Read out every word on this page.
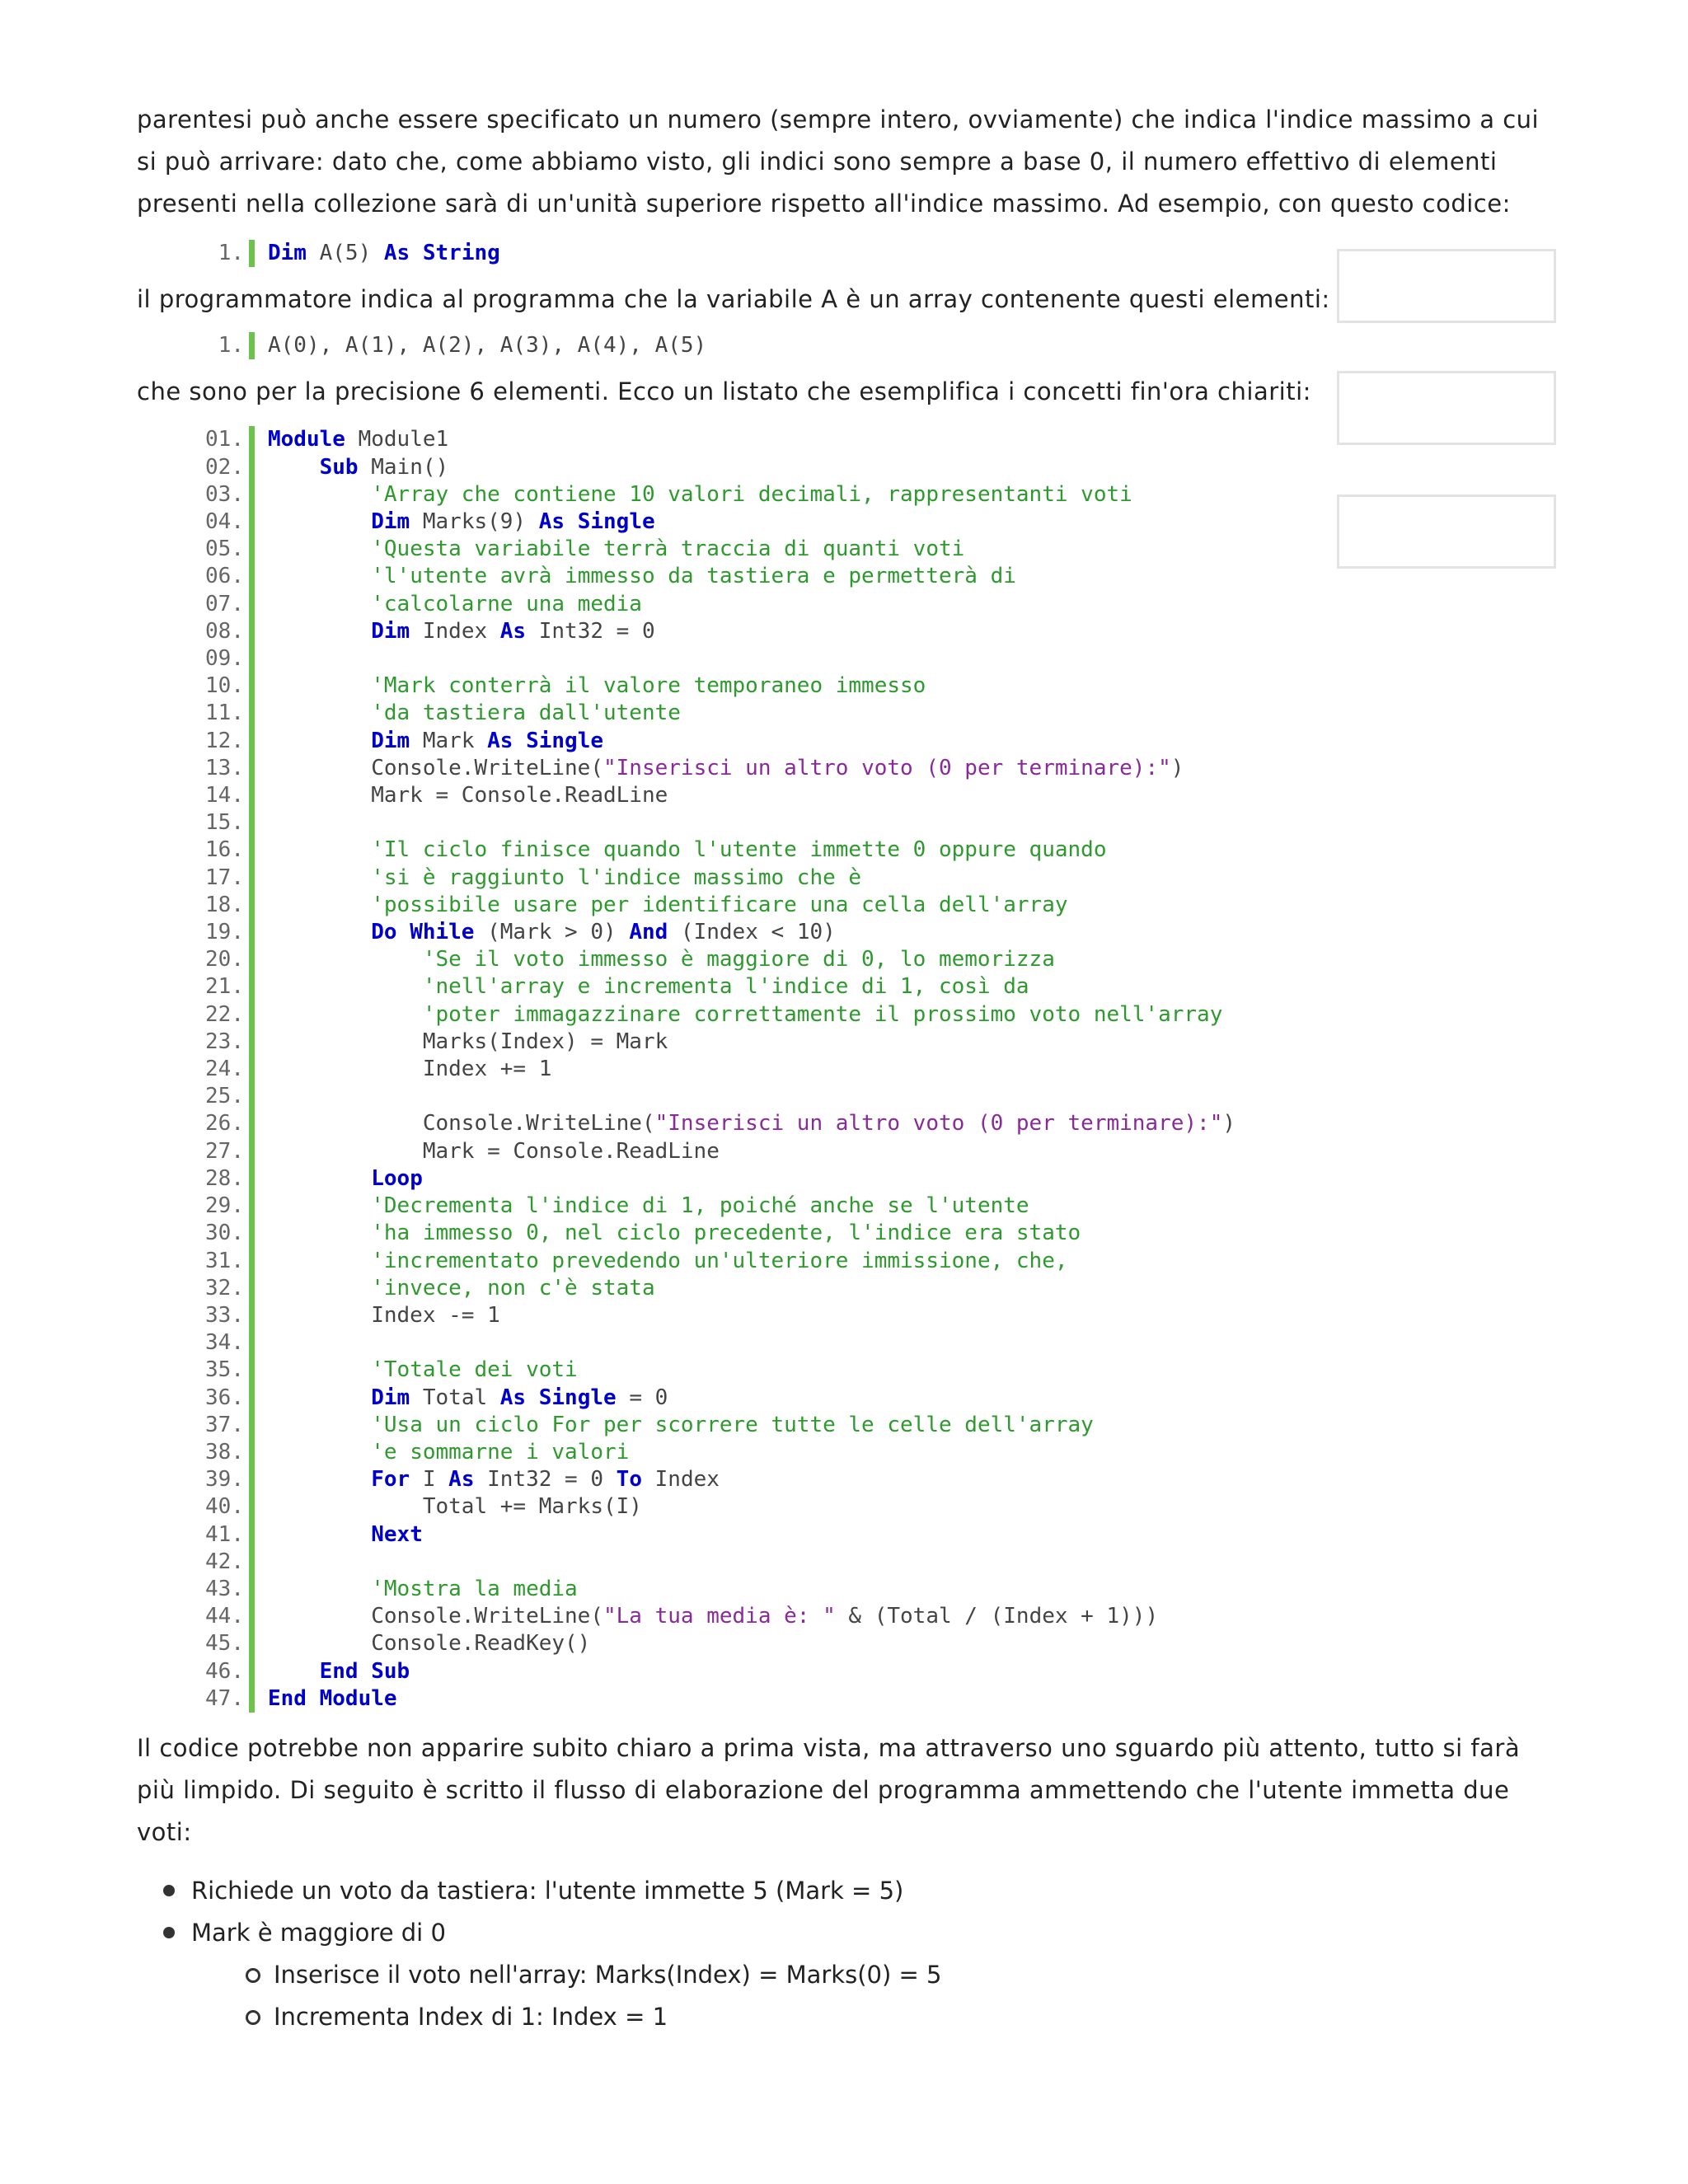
parentesi può anche essere specificato un numero (sempre intero, ovviamente) che indica l'indice massimo a cui si può arrivare: dato che, come abbiamo visto, gli indici sono sempre a base 0, il numero effettivo di elementi presenti nella collezione sarà di un'unità superiore rispetto all'indice massimo. Ad esempio, con questo codice:

1. Dim A(5) As String

il programmatore indica al programma che la variabile A è un array contenente questi elementi:

1. A(0), A(1), A(2), A(3), A(4), A(5)

che sono per la precisione 6 elementi. Ecco un listato che esemplifica i concetti fin'ora chiariti:

01. Module Module1
02.	Sub Main()
03.	'Array che contiene 10 valori decimali, rappresentanti voti
04.	Dim Marks(9) As Single
05.	'Questa variabile terrà traccia di quanti voti
06.	'l'utente avrà immesso da tastiera e permetterà di
07.	'calcolarne una media
08.	Dim Index As Int32 = 0
09.

10.	'Mark conterrà il valore temporaneo immesso
11.	'da tastiera dall'utente
12.	Dim Mark As Single
13. Console.WriteLine("Inserisci un altro voto (0 per terminare):")
14. Mark = Console.ReadLine
15.

16.	'Il ciclo finisce quando l'utente immette 0 oppure quando
17.	'si è raggiunto l'indice massimo che è
18.	'possibile usare per identificare una cella dell'array
19.	Do While (Mark > 0) And (Index < 10)
20.	'Se il voto immesso è maggiore di 0, lo memorizza
21.	'nell'array e incrementa l'indice di 1, così da
22.	'poter immagazzinare correttamente il prossimo voto nell'array
23. Marks(Index) = Mark
24. Index += 1
25.

26. Console.WriteLine("Inserisci un altro voto (0 per terminare):")
27. Mark = Console.ReadLine
28.	Loop
29.	'Decrementa l'indice di 1, poiché anche se l'utente
30.	'ha immesso 0, nel ciclo precedente, l'indice era stato
31.	'incrementato prevedendo un'ulteriore immissione, che,
32.	'invece, non c'è stata
33. Index -= 1
34.

35.	'Totale dei voti
36.	Dim Total As Single = 0
37.	'Usa un ciclo For per scorrere tutte le celle dell'array
38.	'e sommarne i valori
39.	For I As Int32 = 0 To Index
40. Total += Marks(I)
41.	Next
42.

43.	'Mostra la media
44. Console.WriteLine("La tua media è: " & (Total / (Index + 1)))
45. Console.ReadKey()
46.	End Sub
47. End Module

Il codice potrebbe non apparire subito chiaro a prima vista, ma attraverso uno sguardo più attento, tutto si farà più limpido. Di seguito è scritto il flusso di elaborazione del programma ammettendo che l'utente immetta due voti:

Richiede un voto da tastiera: l'utente immette 5 (Mark = 5)
Mark è maggiore di 0
Inserisce il voto nell'array: Marks(Index) = Marks(0) = 5
Incrementa Index di 1: Index = 1
